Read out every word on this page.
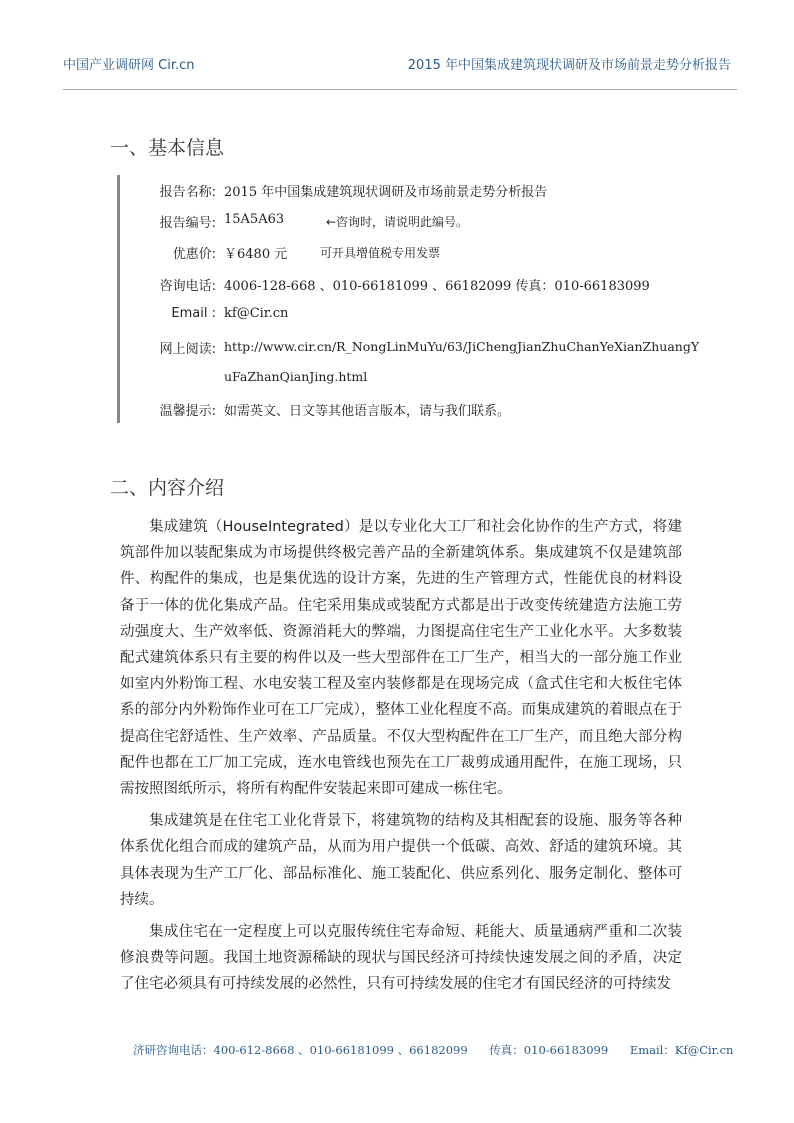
中国产业调研网 Cir.cn	2015 年中国集成建筑现状调研及市场前景走势分析报告
一、基本信息
报告名称: 2015 年中国集成建筑现状调研及市场前景走势分析报告
报告编号: 15A5A63	←咨询时，请说明此编号。
优惠价: ￥6480 元	可开具增值税专用发票
咨询电话: 4006-128-668 、010-66181099 、66182099 传真：010-66183099
Email : kf@Cir.cn
网上阅读: http://www.cir.cn/R_NongLinMuYu/63/JiChengJianZhuChanYeXianZhuangY
uFaZhanQianJing.html
温馨提示: 如需英文、日文等其他语言版本，请与我们联系。
二、内容介绍

集成建筑（HouseIntegrated）是以专业化大工厂和社会化协作的生产方式，将建筑部件加以装配集成为市场提供终极完善产品的全新建筑体系。集成建筑不仅是建筑部件、构配件的集成，也是集优选的设计方案，先进的生产管理方式，性能优良的材料设备于一体的优化集成产品。住宅采用集成或装配方式都是出于改变传统建造方法施工劳动强度大、生产效率低、资源消耗大的弊端，力图提高住宅生产工业化水平。大多数装配式建筑体系只有主要的构件以及一些大型部件在工厂生产，相当大的一部分施工作业如室内外粉饰工程、水电安装工程及室内装修都是在现场完成（盒式住宅和大板住宅体系的部分内外粉饰作业可在工厂完成），整体工业化程度不高。而集成建筑的着眼点在于提高住宅舒适性、生产效率、产品质量。不仅大型构配件在工厂生产，而且绝大部分构配件也都在工厂加工完成，连水电管线也预先在工厂裁剪成通用配件，在施工现场，只需按照图纸所示，将所有构配件安装起来即可建成一栋住宅。

集成建筑是在住宅工业化背景下，将建筑物的结构及其相配套的设施、服务等各种体系优化组合而成的建筑产品，从而为用户提供一个低碳、高效、舒适的建筑环境。其具体表现为生产工厂化、部品标准化、施工装配化、供应系列化、服务定制化、整体可持续。

集成住宅在一定程度上可以克服传统住宅寿命短、耗能大、质量通病严重和二次装修浪费等问题。我国土地资源稀缺的现状与国民经济可持续快速发展之间的矛盾，决定了住宅必须具有可持续发展的必然性，只有可持续发展的住宅才有国民经济的可持续发

济研咨询电话：400-612-8668 、010-66181099 、66182099 传真：010-66183099 Email：Kf@Cir.cn
